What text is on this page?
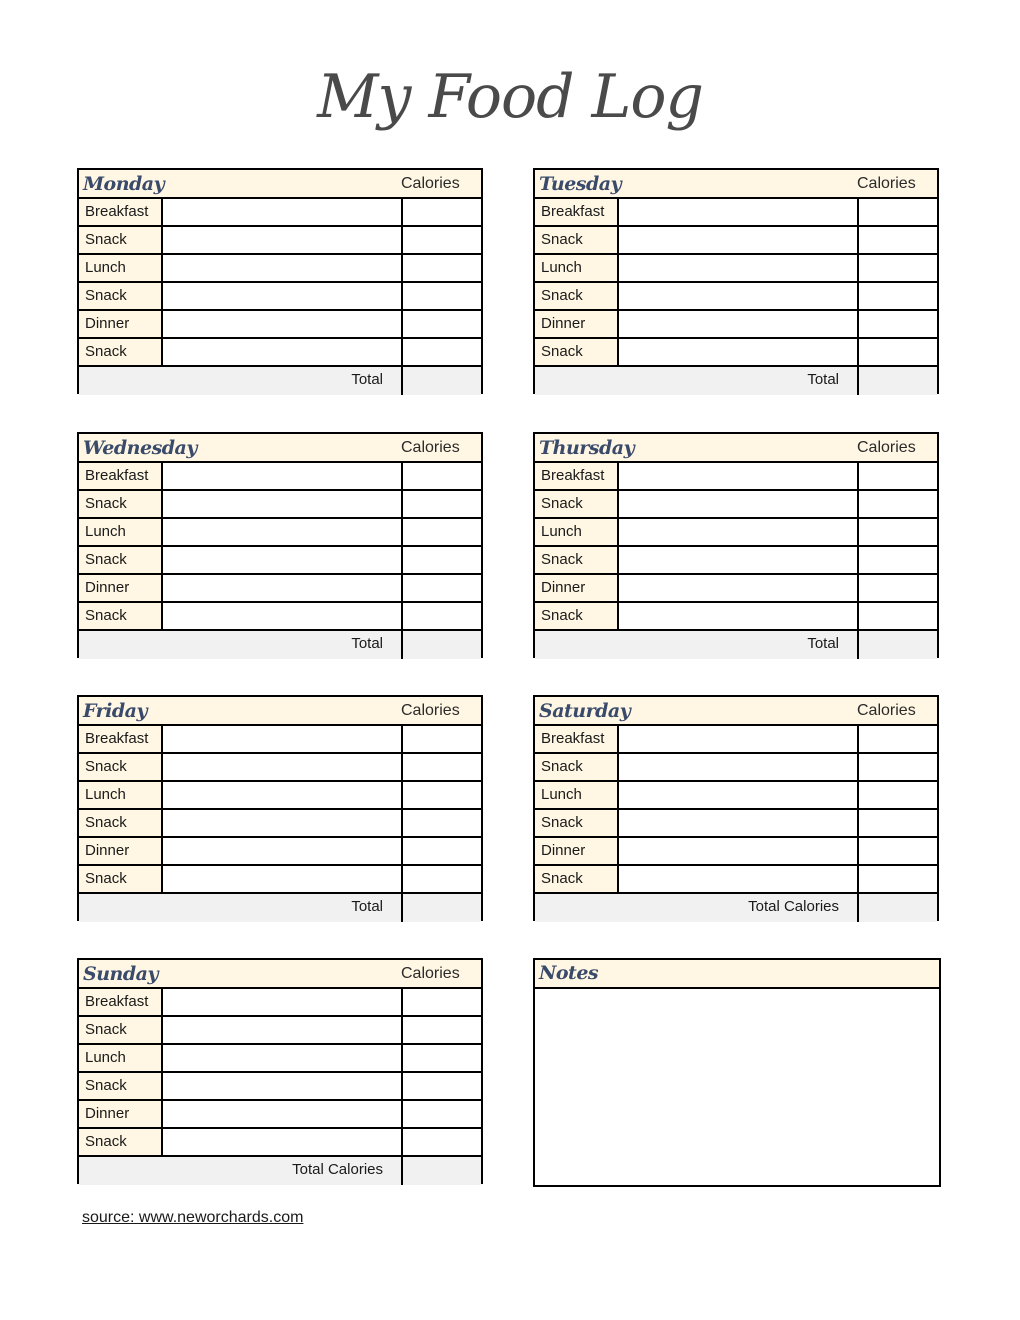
My Food Log
Monday	Calories
Breakfast
Snack
Lunch
Snack
Dinner
Snack
Total
Tuesday	Calories
Breakfast
Snack
Lunch
Snack
Dinner
Snack
Total
Wednesday	Calories
Breakfast
Snack
Lunch
Snack
Dinner
Snack
Total
Thursday	Calories
Breakfast
Snack
Lunch
Snack
Dinner
Snack
Total
Friday	Calories
Breakfast
Snack
Lunch
Snack
Dinner
Snack
Total
Saturday	Calories
Breakfast
Snack
Lunch
Snack
Dinner
Snack
Total Calories
Sunday	Calories
Breakfast
Snack
Lunch
Snack
Dinner
Snack
Total Calories
Notes
source: www.neworchards.com
